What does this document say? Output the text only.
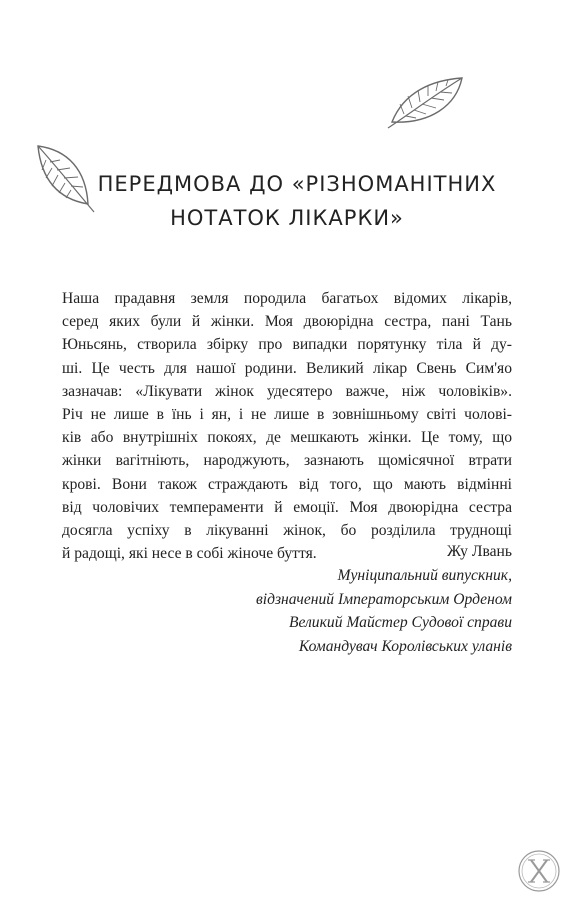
ПЕРЕДМОВА ДО «РІЗНОМАНІТНИХ
НОТАТОК ЛІКАРКИ»
Наша прадавня земля породила багатьох відомих лікарів,
серед яких були й жінки. Моя двоюрідна сестра, пані Тань
Юньсянь, створила збірку про випадки порятунку тіла й ду-
ші. Це честь для нашої родини. Великий лікар Свень Сим'яо
зазначав: «Лікувати жінок удесятеро важче, ніж чоловіків».
Річ не лише в їнь і ян, і не лише в зовнішньому світі чолові-
ків або внутрішніх покоях, де мешкають жінки. Це тому, що
жінки вагітніють, народжують, зазнають щомісячної втрати
крові. Вони також страждають від того, що мають відмінні
від чоловічих темпераменти й емоції. Моя двоюрідна сестра
досягла успіху в лікуванні жінок, бо розділила труднощі
й радощі, які несе в собі жіноче буття.	Жу Лвань
Муніципальний випускник,
відзначений Імператорським Орденом
Великий Майстер Судової справи
Командувач Королівських уланів
